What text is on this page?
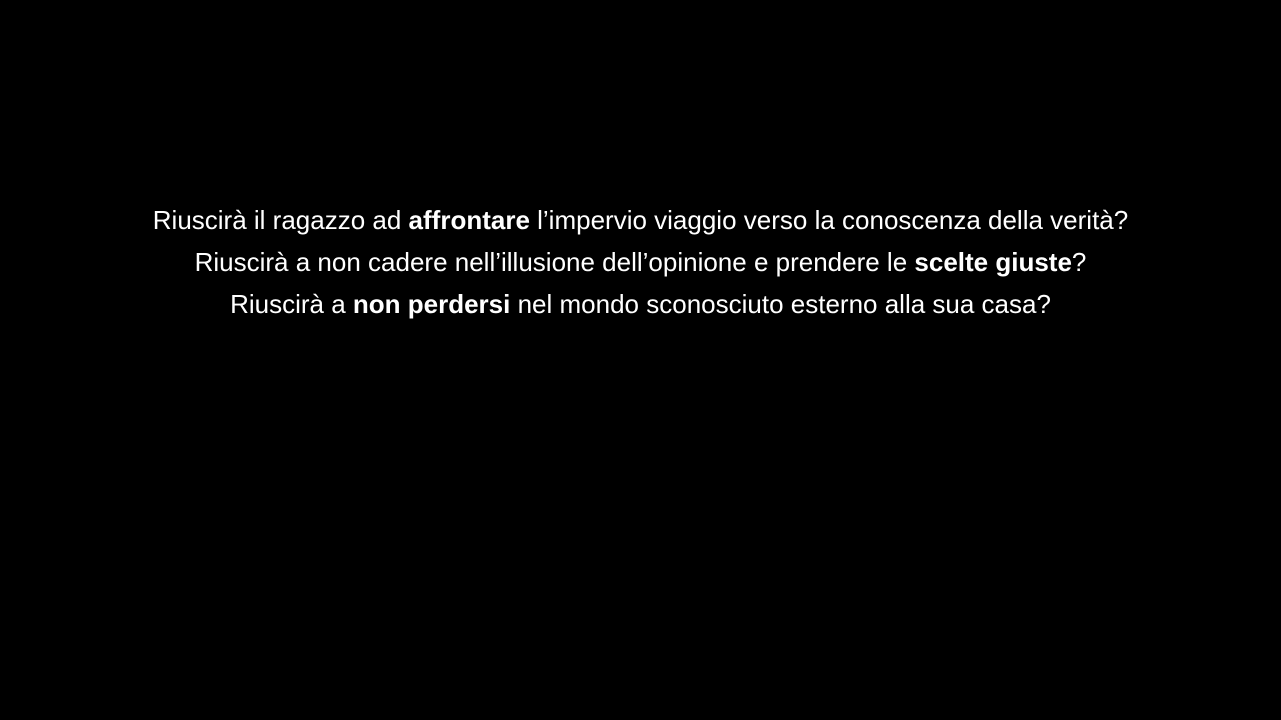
Riuscirà il ragazzo ad affrontare l’impervio viaggio verso la conoscenza della verità?
Riuscirà a non cadere nell’illusione dell’opinione e prendere le scelte giuste?
Riuscirà a non perdersi nel mondo sconosciuto esterno alla sua casa?
